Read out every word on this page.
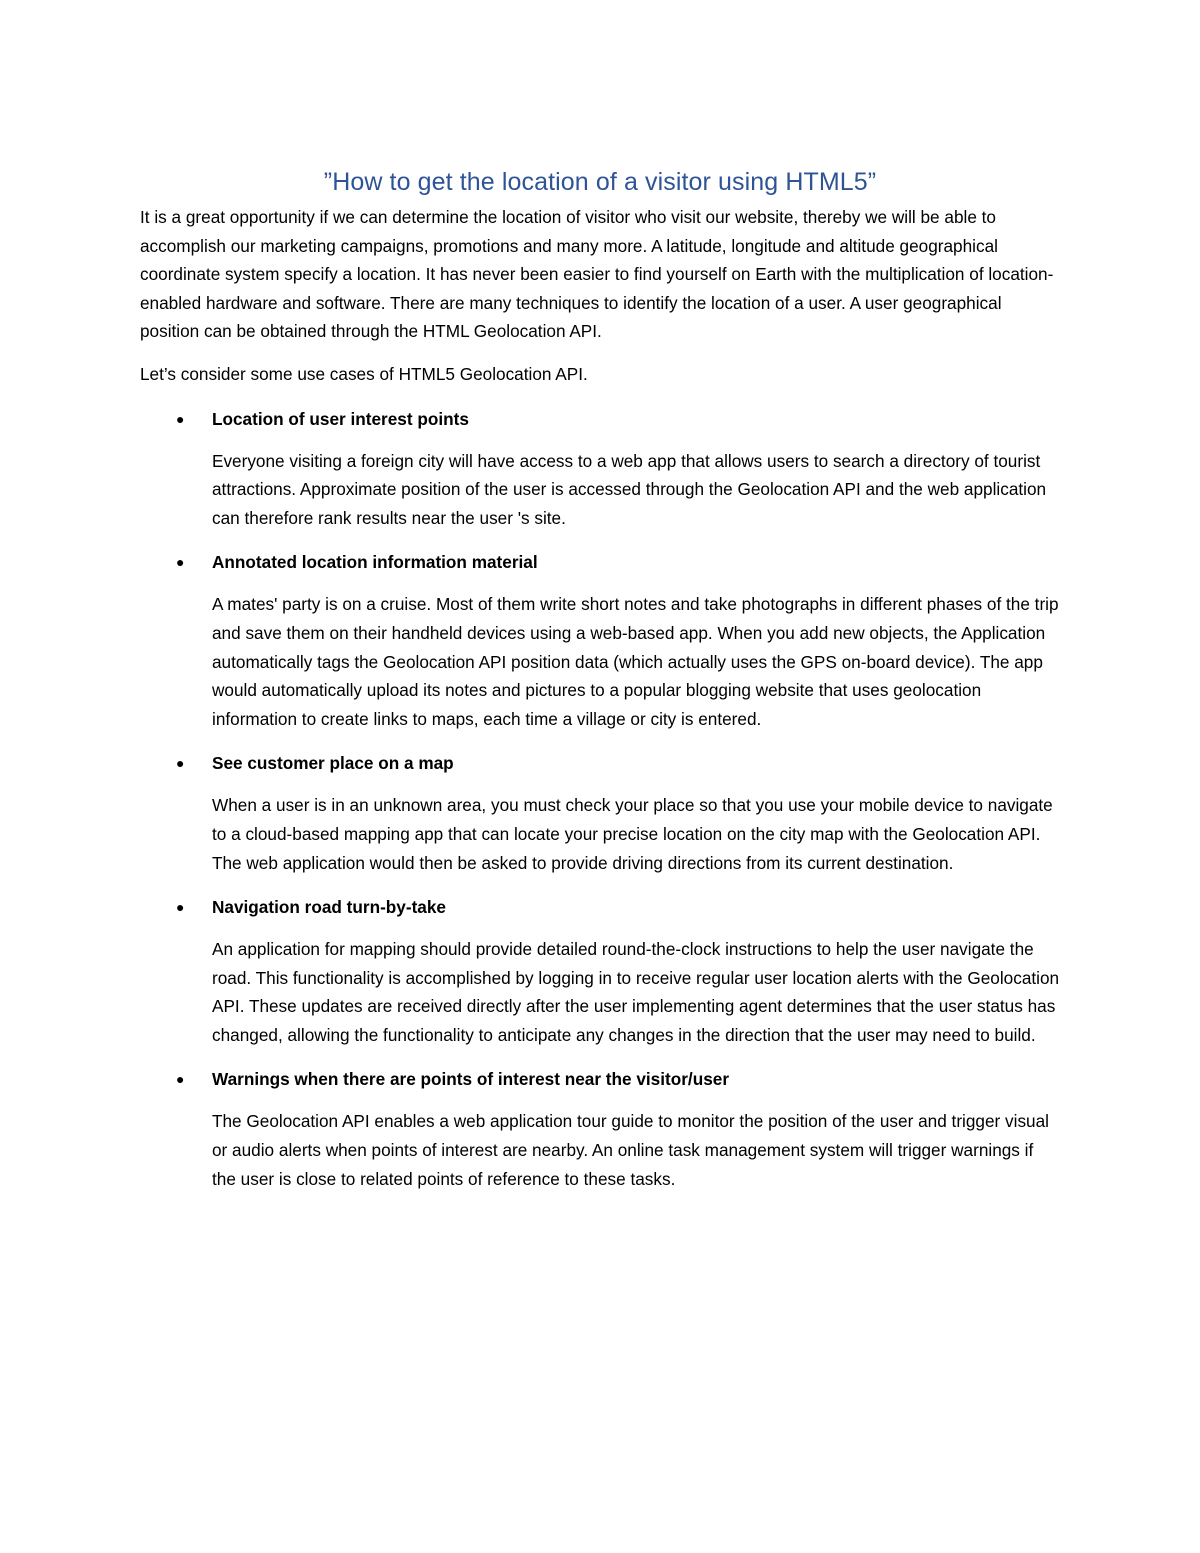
”How to get the location of a visitor using HTML5”

It is a great opportunity if we can determine the location of visitor who visit our website, thereby we will be able to accomplish our marketing campaigns, promotions and many more. A latitude, longitude and altitude geographical coordinate system specify a location. It has never been easier to find yourself on Earth with the multiplication of location-enabled hardware and software. There are many techniques to identify the location of a user. A user geographical position can be obtained through the HTML Geolocation API.

Let’s consider some use cases of HTML5 Geolocation API.

●	Location of user interest points

Everyone visiting a foreign city will have access to a web app that allows users to search a directory of tourist attractions. Approximate position of the user is accessed through the Geolocation API and the web application can therefore rank results near the user 's site.

●	Annotated location information material

A mates' party is on a cruise. Most of them write short notes and take photographs in different phases of the trip and save them on their handheld devices using a web-based app. When you add new objects, the Application automatically tags the Geolocation API position data (which actually uses the GPS on-board device). The app would automatically upload its notes and pictures to a popular blogging website that uses geolocation information to create links to maps, each time a village or city is entered.

●	See customer place on a map

When a user is in an unknown area, you must check your place so that you use your mobile device to navigate to a cloud-based mapping app that can locate your precise location on the city map with the Geolocation API. The web application would then be asked to provide driving directions from its current destination.

●	Navigation road turn-by-take

An application for mapping should provide detailed round-the-clock instructions to help the user navigate the road. This functionality is accomplished by logging in to receive regular user location alerts with the Geolocation API. These updates are received directly after the user implementing agent determines that the user status has changed, allowing the functionality to anticipate any changes in the direction that the user may need to build.

●	Warnings when there are points of interest near the visitor/user

The Geolocation API enables a web application tour guide to monitor the position of the user and trigger visual or audio alerts when points of interest are nearby. An online task management system will trigger warnings if the user is close to related points of reference to these tasks.
